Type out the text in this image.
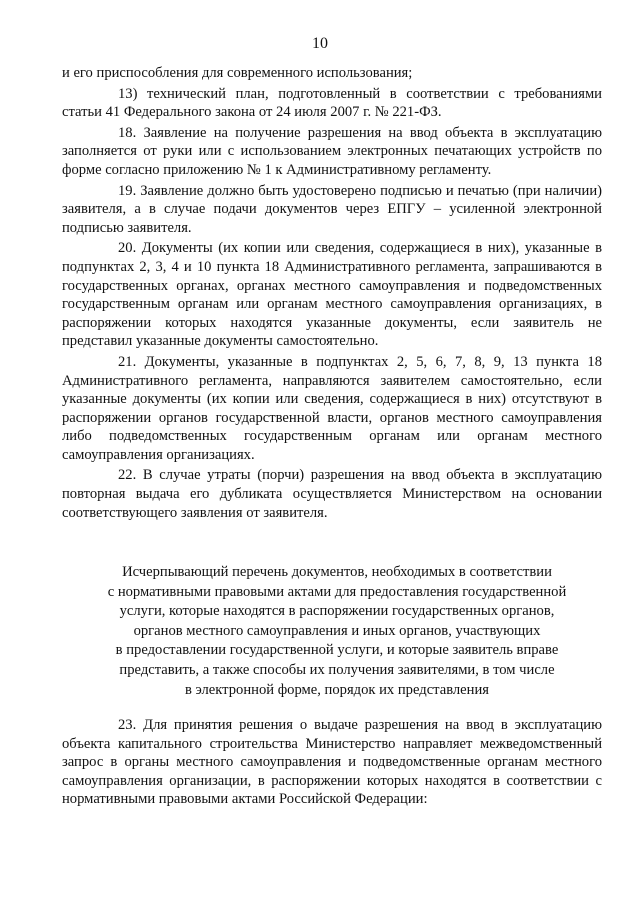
10

и его приспособления для современного использования;

13) технический план, подготовленный в соответствии с требованиями статьи 41 Федерального закона от 24 июля 2007 г. № 221-ФЗ.

18. Заявление на получение разрешения на ввод объекта в эксплуатацию заполняется от руки или с использованием электронных печатающих устройств по форме согласно приложению № 1 к Административному регламенту.

19. Заявление должно быть удостоверено подписью и печатью (при наличии) заявителя, а в случае подачи документов через ЕПГУ – усиленной электронной подписью заявителя.

20. Документы (их копии или сведения, содержащиеся в них), указанные в подпунктах 2, 3, 4 и 10 пункта 18 Административного регламента, запрашиваются в государственных органах, органах местного самоуправления и подведомственных государственным органам или органам местного самоуправления организациях, в распоряжении которых находятся указанные документы, если заявитель не представил указанные документы самостоятельно.

21. Документы, указанные в подпунктах 2, 5, 6, 7, 8, 9, 13 пункта 18 Административного регламента, направляются заявителем самостоятельно, если указанные документы (их копии или сведения, содержащиеся в них) отсутствуют в распоряжении органов государственной власти, органов местного самоуправления либо подведомственных государственным органам или органам местного самоуправления организациях.

22. В случае утраты (порчи) разрешения на ввод объекта в эксплуатацию повторная выдача его дубликата осуществляется Министерством на основании соответствующего заявления от заявителя.

Исчерпывающий перечень документов, необходимых в соответствии
с нормативными правовыми актами для предоставления государственной
услуги, которые находятся в распоряжении государственных органов,
органов местного самоуправления и иных органов, участвующих
в предоставлении государственной услуги, и которые заявитель вправе
представить, а также способы их получения заявителями, в том числе
в электронной форме, порядок их представления

23. Для принятия решения о выдаче разрешения на ввод в эксплуатацию объекта капитального строительства Министерство направляет межведомственный запрос в органы местного самоуправления и подведомственные органам местного самоуправления организации, в распоряжении которых находятся в соответствии с нормативными правовыми актами Российской Федерации:
